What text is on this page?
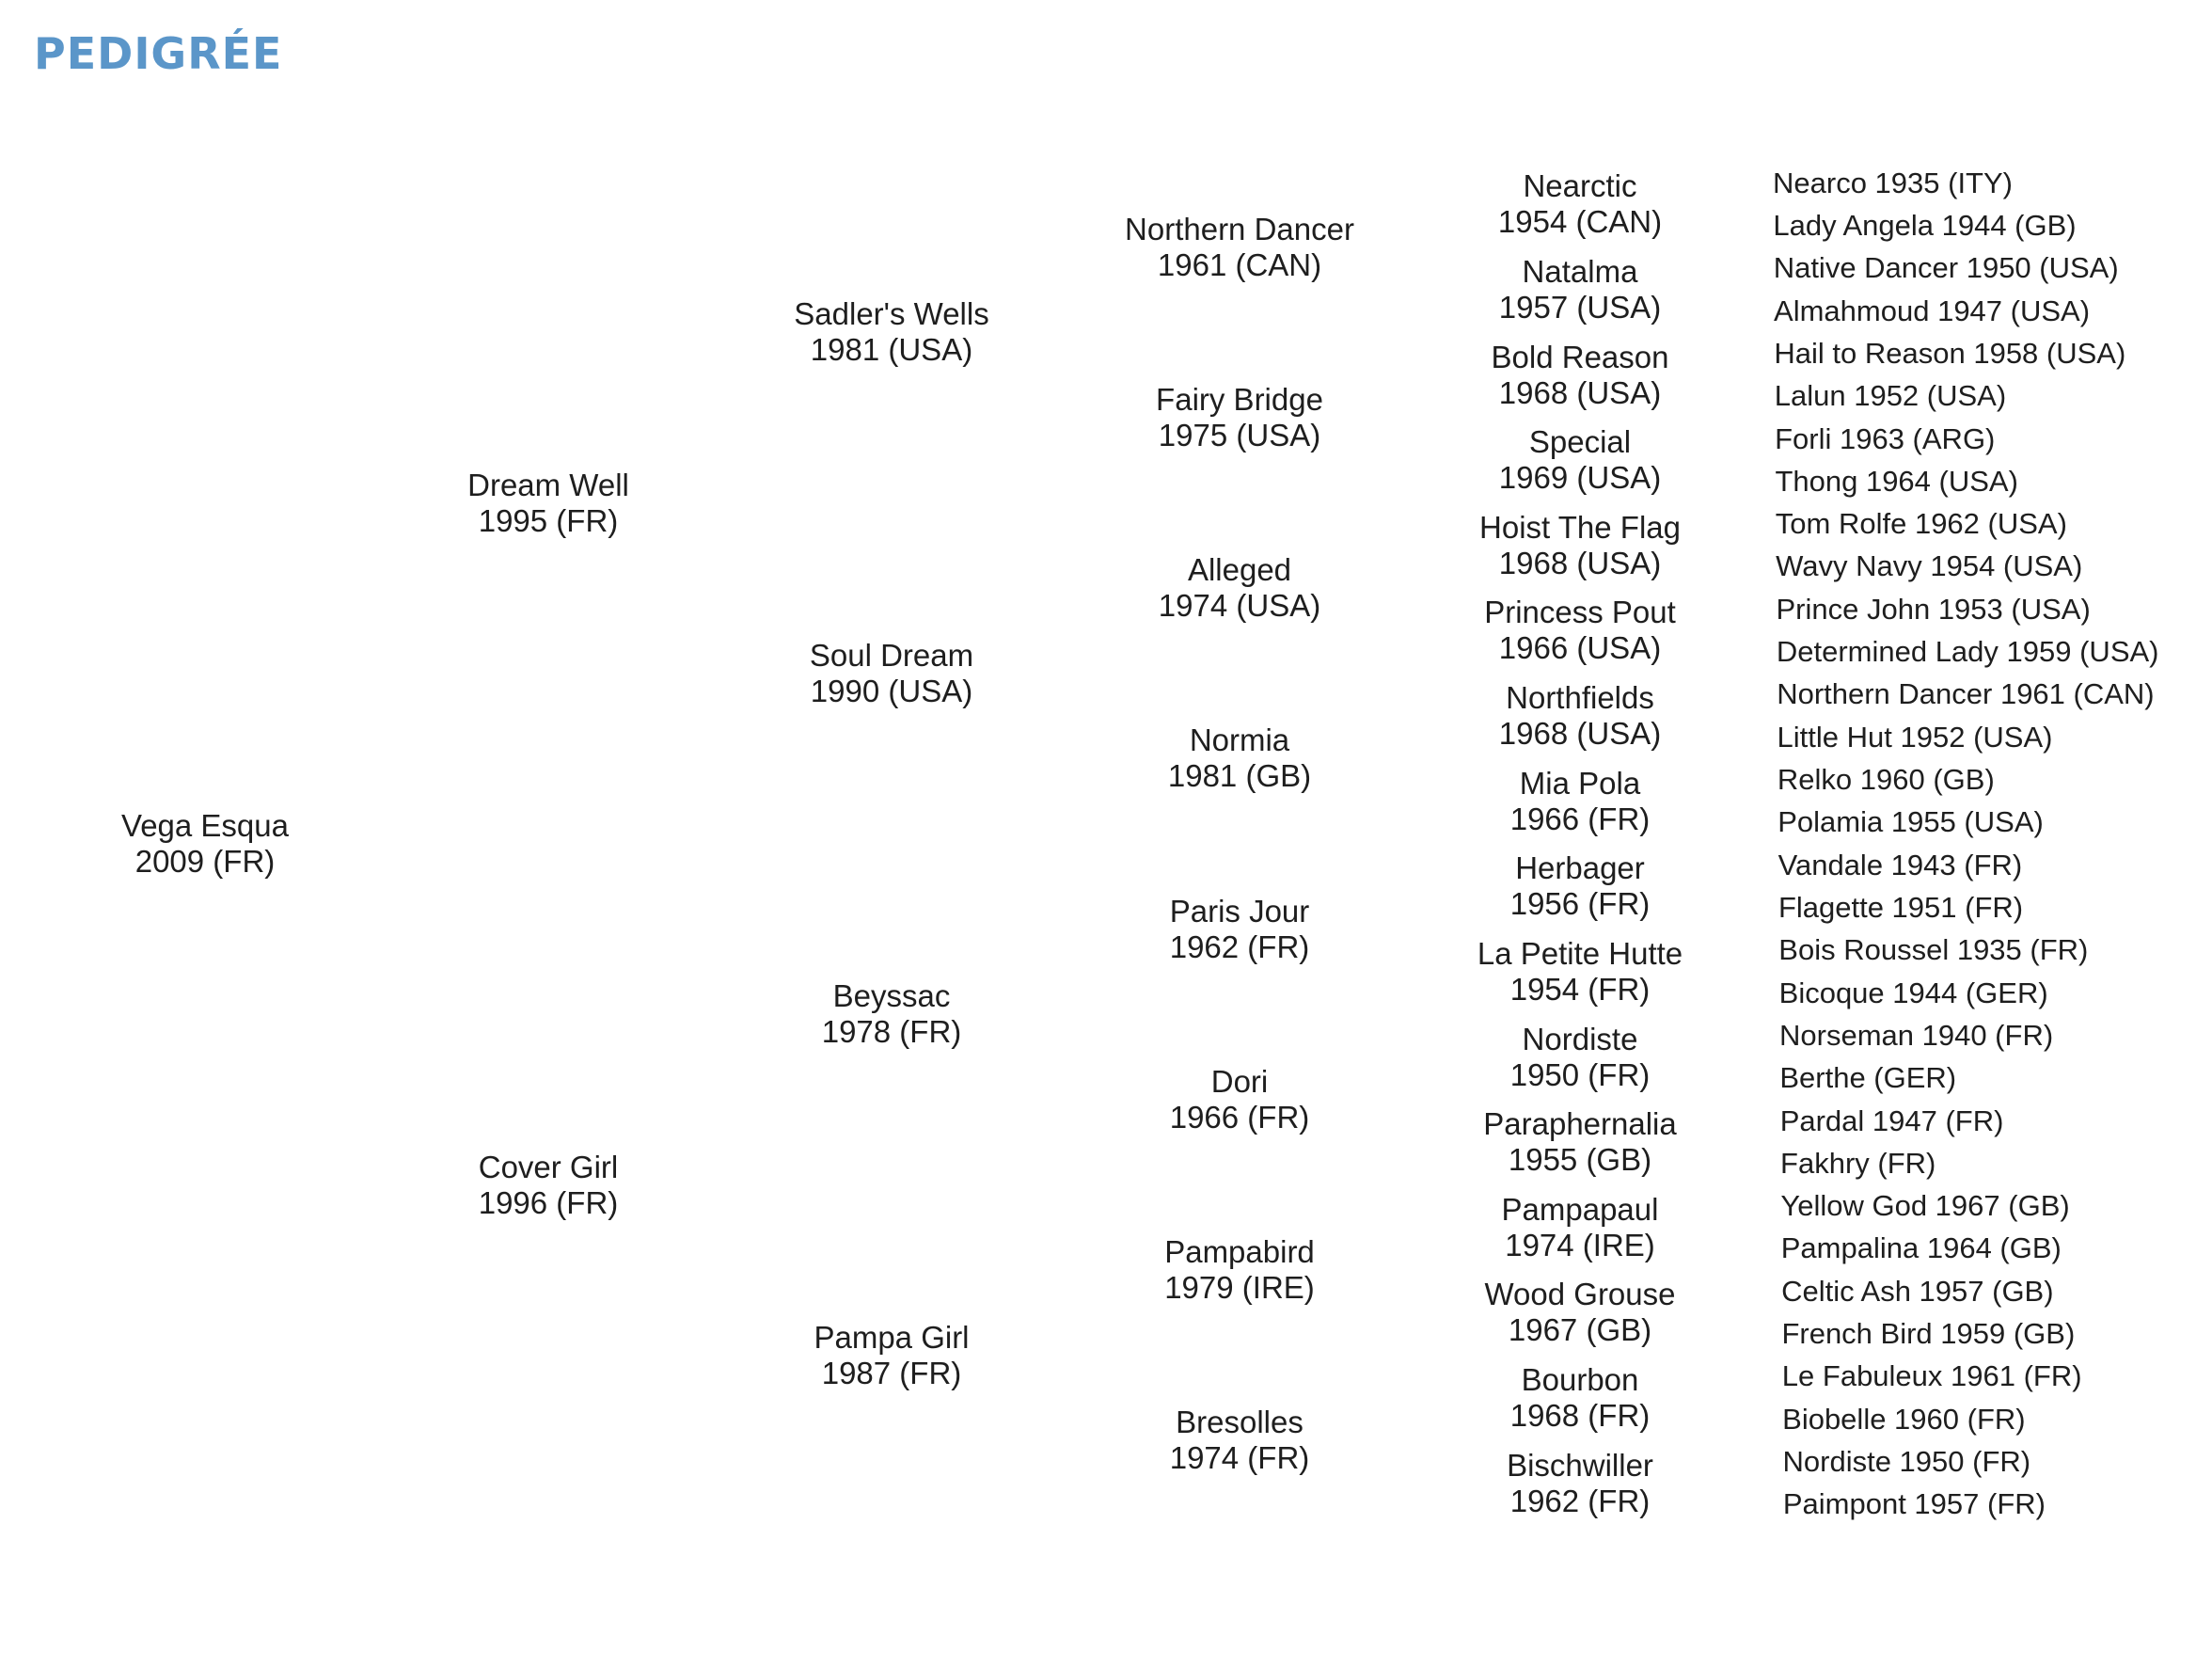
PEDIGRÉE
Vega Esqua
2009 (FR)
Dream Well
1995 (FR)
Cover Girl
1996 (FR)
Sadler's Wells
1981 (USA)
Soul Dream
1990 (USA)
Beyssac
1978 (FR)
Pampa Girl
1987 (FR)
Northern Dancer
1961 (CAN)
Fairy Bridge
1975 (USA)
Alleged
1974 (USA)
Normia
1981 (GB)
Paris Jour
1962 (FR)
Dori
1966 (FR)
Pampabird
1979 (IRE)
Bresolles
1974 (FR)
Nearctic
1954 (CAN)
Natalma
1957 (USA)
Bold Reason
1968 (USA)
Special
1969 (USA)
Hoist The Flag
1968 (USA)
Princess Pout
1966 (USA)
Northfields
1968 (USA)
Mia Pola
1966 (FR)
Herbager
1956 (FR)
La Petite Hutte
1954 (FR)
Nordiste
1950 (FR)
Paraphernalia
1955 (GB)
Pampapaul
1974 (IRE)
Wood Grouse
1967 (GB)
Bourbon
1968 (FR)
Bischwiller
1962 (FR)
Nearco 1935 (ITY)
Lady Angela 1944 (GB)
Native Dancer 1950 (USA)
Almahmoud 1947 (USA)
Hail to Reason 1958 (USA)
Lalun 1952 (USA)
Forli 1963 (ARG)
Thong 1964 (USA)
Tom Rolfe 1962 (USA)
Wavy Navy 1954 (USA)
Prince John 1953 (USA)
Determined Lady 1959 (USA)
Northern Dancer 1961 (CAN)
Little Hut 1952 (USA)
Relko 1960 (GB)
Polamia 1955 (USA)
Vandale 1943 (FR)
Flagette 1951 (FR)
Bois Roussel 1935 (FR)
Bicoque 1944 (GER)
Norseman 1940 (FR)
Berthe (GER)
Pardal 1947 (FR)
Fakhry (FR)
Yellow God 1967 (GB)
Pampalina 1964 (GB)
Celtic Ash 1957 (GB)
French Bird 1959 (GB)
Le Fabuleux 1961 (FR)
Biobelle 1960 (FR)
Nordiste 1950 (FR)
Paimpont 1957 (FR)
